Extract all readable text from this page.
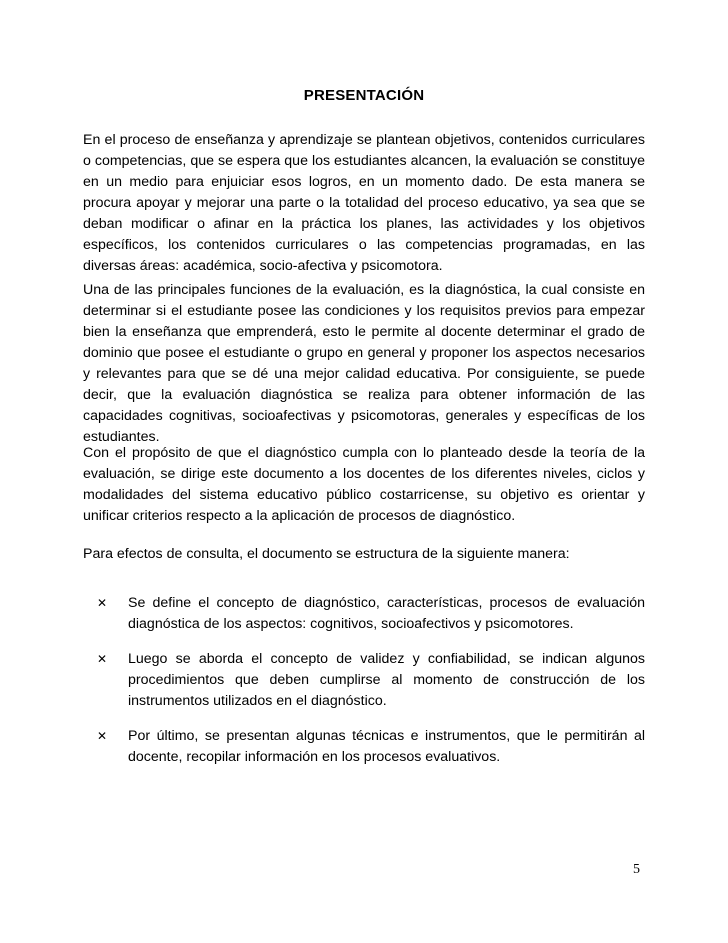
PRESENTACIÓN

En el proceso de enseñanza y aprendizaje se plantean objetivos, contenidos curriculares o competencias, que se espera que los estudiantes alcancen, la evaluación se constituye en un medio para enjuiciar esos logros, en un momento dado. De esta manera se procura apoyar y mejorar una parte o la totalidad del proceso educativo, ya sea que se deban modificar o afinar en la práctica los planes, las actividades y los objetivos específicos, los contenidos curriculares o las competencias programadas, en las diversas áreas: académica, socio-afectiva y psicomotora.

Una de las principales funciones de la evaluación, es la diagnóstica, la cual consiste en determinar si el estudiante posee las condiciones y los requisitos previos para empezar bien la enseñanza que emprenderá, esto le permite al docente determinar el grado de dominio que posee el estudiante o grupo en general y proponer los aspectos necesarios y relevantes para que se dé una mejor calidad educativa. Por consiguiente, se puede decir, que la evaluación diagnóstica se realiza para obtener información de las capacidades cognitivas, socioafectivas y psicomotoras, generales y específicas de los estudiantes.

Con el propósito de que el diagnóstico cumpla con lo planteado desde la teoría de la evaluación, se dirige este documento a los docentes de los diferentes niveles, ciclos y modalidades del sistema educativo público costarricense, su objetivo es orientar y unificar criterios respecto a la aplicación de procesos de diagnóstico.

Para efectos de consulta, el documento se estructura de la siguiente manera:

✕ Se define el concepto de diagnóstico, características, procesos de evaluación diagnóstica de los aspectos: cognitivos, socioafectivos y psicomotores.
✕ Luego se aborda el concepto de validez y confiabilidad, se indican algunos procedimientos que deben cumplirse al momento de construcción de los instrumentos utilizados en el diagnóstico.
✕ Por último, se presentan algunas técnicas e instrumentos, que le permitirán al docente, recopilar información en los procesos evaluativos.
5
